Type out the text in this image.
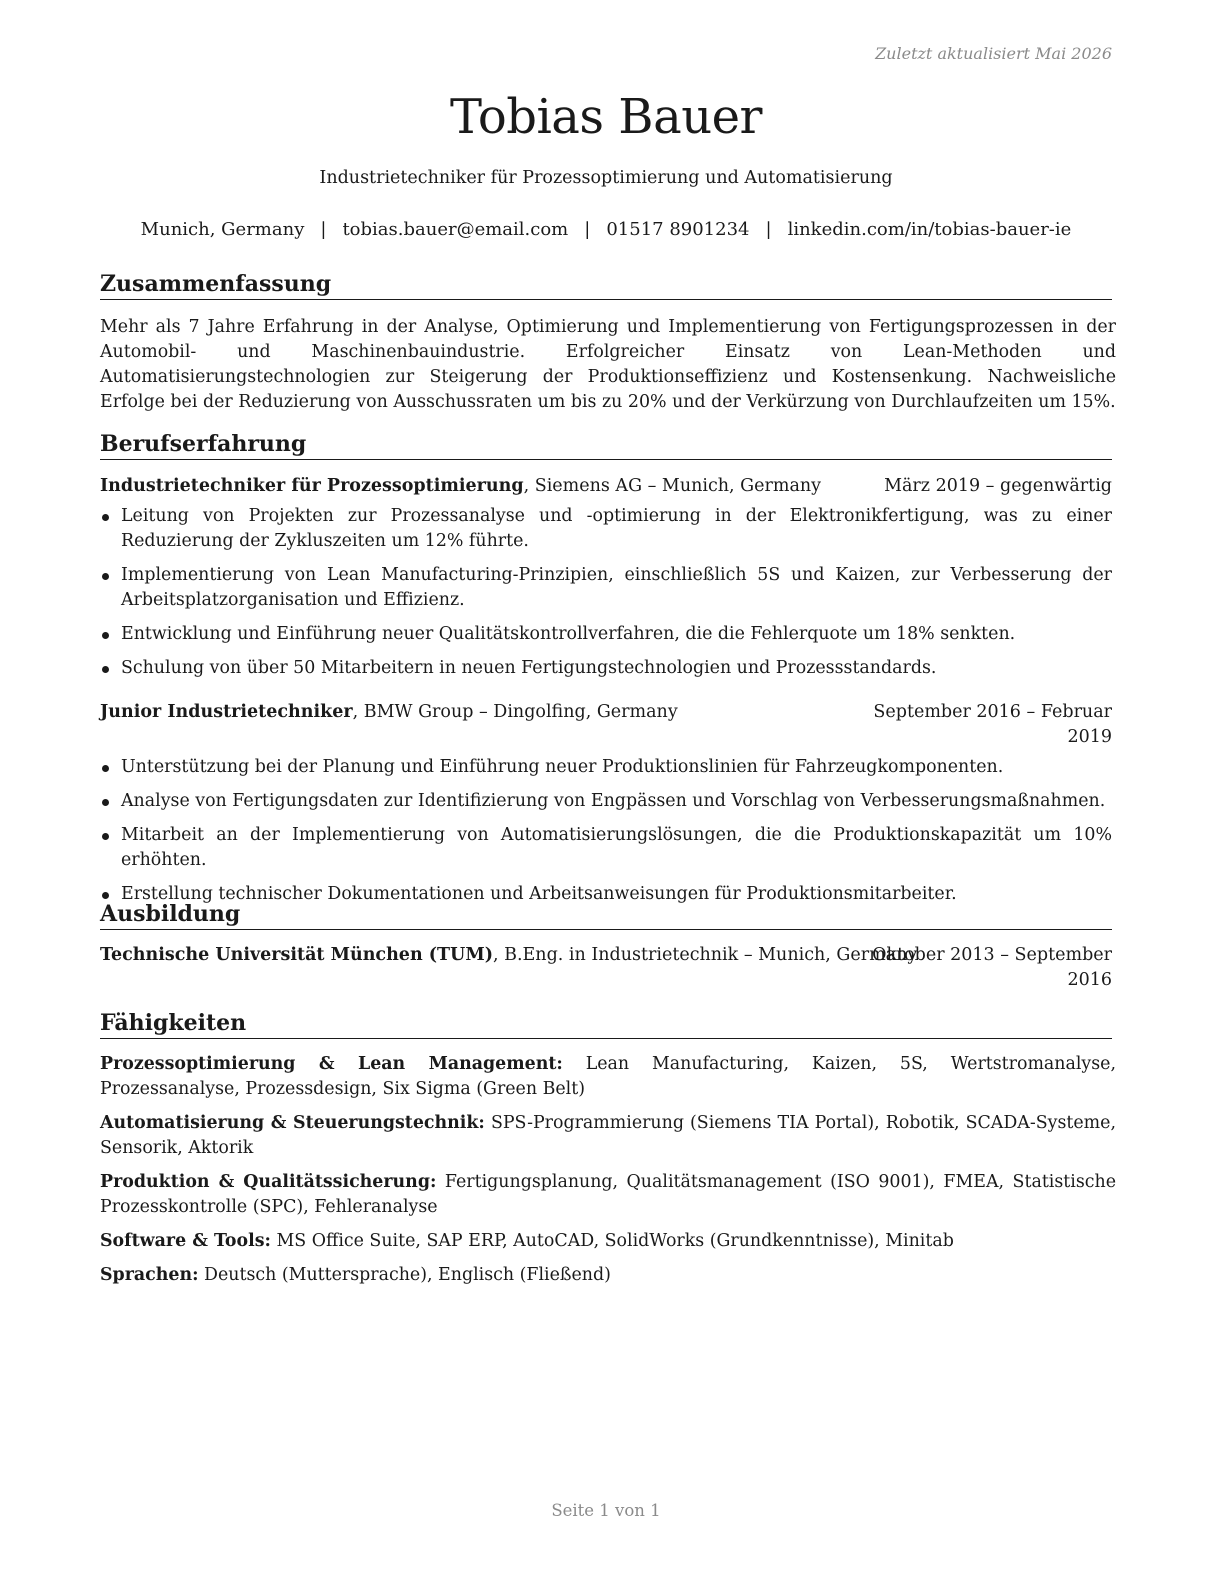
Zuletzt aktualisiert Mai 2026
Tobias Bauer
Industrietechniker für Prozessoptimierung und Automatisierung
Munich, Germany | tobias.bauer@email.com | 01517 8901234 | linkedin.com/in/tobias-bauer-ie
Zusammenfassung
Mehr als 7 Jahre Erfahrung in der Analyse, Optimierung und Implementierung von Fertigungsprozessen in der Automobil- und Maschinenbauindustrie. Erfolgreicher Einsatz von Lean-Methoden und Automatisierungstechnologien zur Steigerung der Produktionseffizienz und Kostensenkung. Nachweisliche Erfolge bei der Reduzierung von Ausschussraten um bis zu 20% und der Verkürzung von Durchlaufzeiten um 15%.
Berufserfahrung
Industrietechniker für Prozessoptimierung, Siemens AG – Munich, Germany	März 2019 – gegenwärtig
Leitung von Projekten zur Prozessanalyse und -optimierung in der Elektronikfertigung, was zu einer Reduzierung der Zykluszeiten um 12% führte.
Implementierung von Lean Manufacturing-Prinzipien, einschließlich 5S und Kaizen, zur Verbesserung der Arbeitsplatzorganisation und Effizienz.
Entwicklung und Einführung neuer Qualitätskontrollverfahren, die die Fehlerquote um 18% senkten.
Schulung von über 50 Mitarbeitern in neuen Fertigungstechnologien und Prozessstandards.
Junior Industrietechniker, BMW Group – Dingolfing, Germany	September 2016 – Februar 2019
Unterstützung bei der Planung und Einführung neuer Produktionslinien für Fahrzeugkomponenten.
Analyse von Fertigungsdaten zur Identifizierung von Engpässen und Vorschlag von Verbesserungsmaßnahmen.
Mitarbeit an der Implementierung von Automatisierungslösungen, die die Produktionskapazität um 10% erhöhten.
Erstellung technischer Dokumentationen und Arbeitsanweisungen für Produktionsmitarbeiter.
Ausbildung
Technische Universität München (TUM), B.Eng. in Industrietechnik – Munich, Germany
Oktober 2013 – September 2016
Fähigkeiten
Prozessoptimierung & Lean Management: Lean Manufacturing, Kaizen, 5S, Wertstromanalyse, Prozessanalyse, Prozessdesign, Six Sigma (Green Belt)
Automatisierung & Steuerungstechnik: SPS-Programmierung (Siemens TIA Portal), Robotik, SCADA-Systeme, Sensorik, Aktorik
Produktion & Qualitätssicherung: Fertigungsplanung, Qualitätsmanagement (ISO 9001), FMEA, Statistische Prozesskontrolle (SPC), Fehleranalyse
Software & Tools: MS Office Suite, SAP ERP, AutoCAD, SolidWorks (Grundkenntnisse), Minitab
Sprachen: Deutsch (Muttersprache), Englisch (Fließend)
Seite 1 von 1
